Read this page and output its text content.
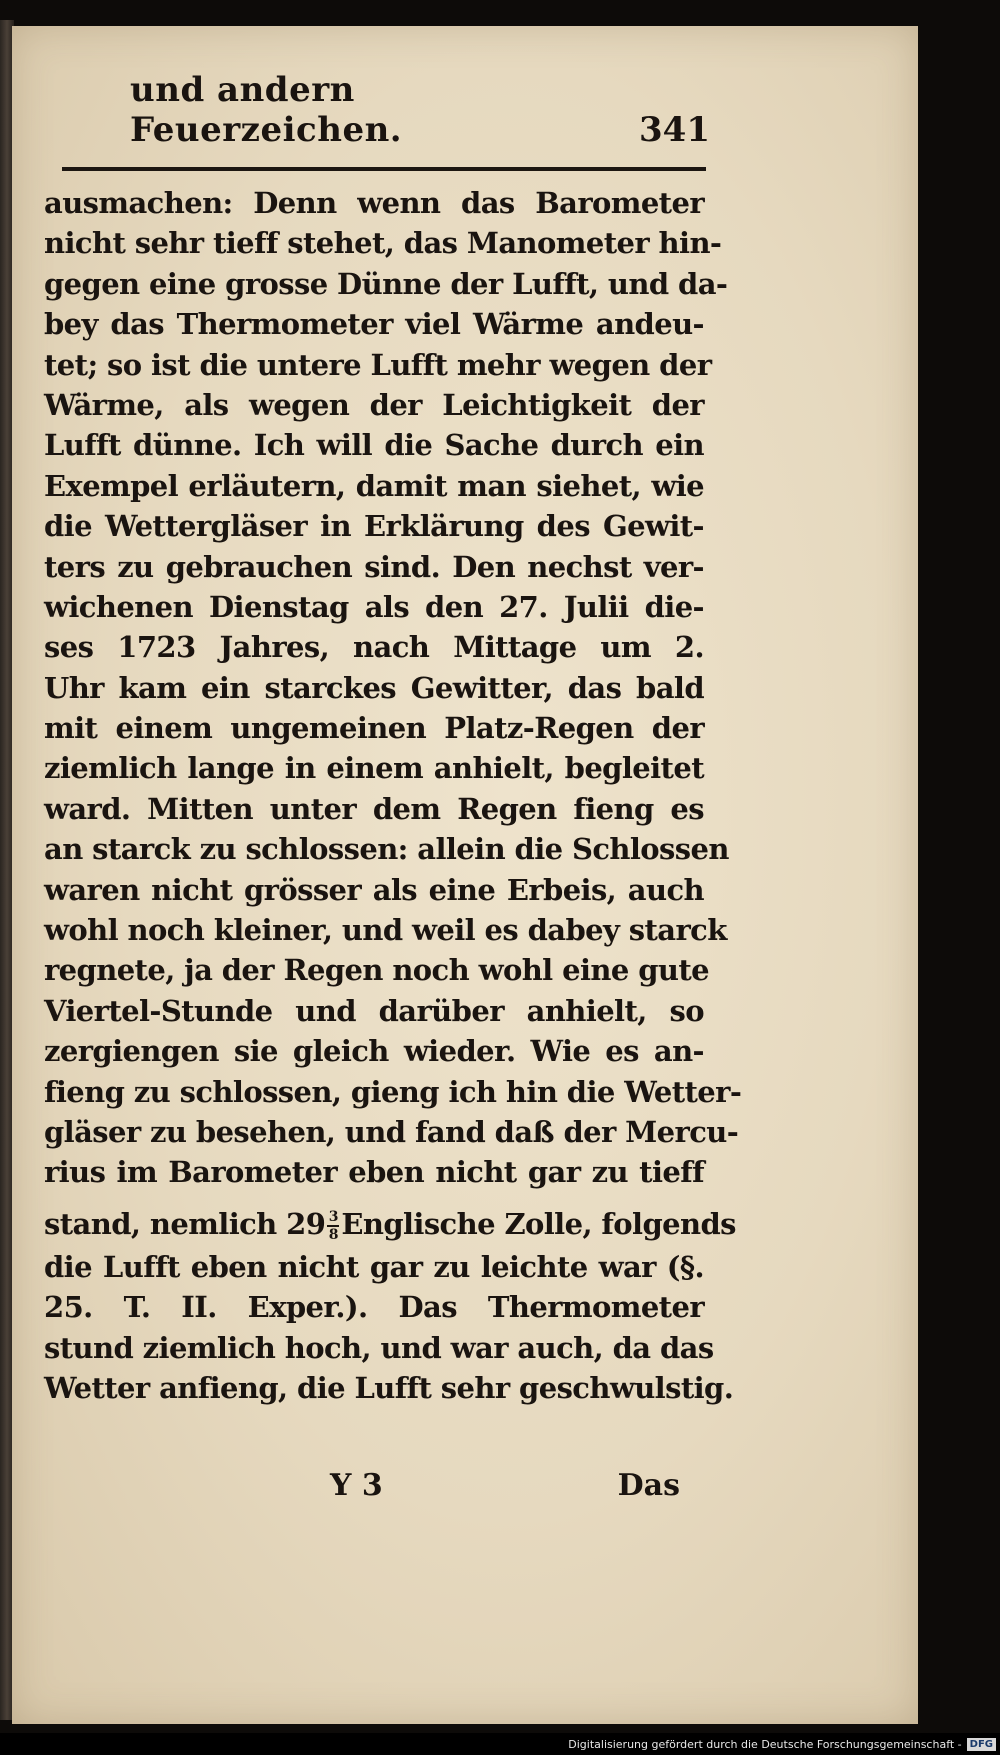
und andern Feuerzeichen.	341
ausmachen: Denn wenn das Barometer
nicht sehr tieff stehet, das Manometer hin-
gegen eine grosse Dünne der Lufft, und da-
bey das Thermometer viel Wärme andeu-
tet; so ist die untere Lufft mehr wegen der
Wärme, als wegen der Leichtigkeit der
Lufft dünne. Ich will die Sache durch ein
Exempel erläutern, damit man siehet, wie
die Wettergläser in Erklärung des Gewit-
ters zu gebrauchen sind. Den nechst ver-
wichenen Dienstag als den 27. Julii die-
ses 1723 Jahres, nach Mittage um 2.
Uhr kam ein starckes Gewitter, das bald
mit einem ungemeinen Platz-Regen der
ziemlich lange in einem anhielt, begleitet
ward. Mitten unter dem Regen fieng es
an starck zu schlossen: allein die Schlossen
waren nicht grösser als eine Erbeis, auch
wohl noch kleiner, und weil es dabey starck
regnete, ja der Regen noch wohl eine gute
Viertel-Stunde und darüber anhielt, so
zergiengen sie gleich wieder. Wie es an-
fieng zu schlossen, gieng ich hin die Wetter-
gläser zu besehen, und fand daß der Mercu-
rius im Barometer eben nicht gar zu tieff
stand, nemlich $29 \frac{3}{8}$ Englische Zolle, folgends
die Lufft eben nicht gar zu leichte war (§.
25. T. II. Exper.). Das Thermometer
stund ziemlich hoch, und war auch, da das
Wetter anfieng, die Lufft sehr geschwulstig.
Y 3	Das
Digitalisierung gefördert durch die Deutsche Forschungsgemeinschaft - DFG
